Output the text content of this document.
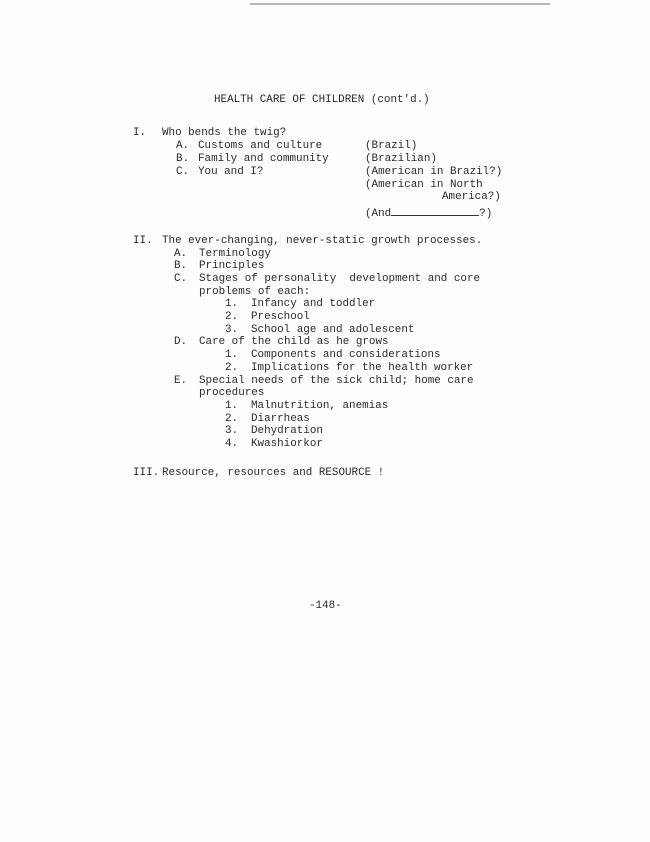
HEALTH CARE OF CHILDREN (cont'd.)
I. Who bends the twig?
A. Customs and culture
B. Family and community
C. You and I?
(Brazil)
(Brazilian)
(American in Brazil?)
(American in North
America?)
(And	?)
II. The ever-changing, never-static growth processes.
A. Terminology
B. Principles
C. Stages of personality  development and core
problems of each:
1. Infancy and toddler
2. Preschool
3. School age and adolescent
D. Care of the child as he grows
1. Components and considerations
2. Implications for the health worker
E. Special needs of the sick child; home care
procedures
1. Malnutrition, anemias
2. Diarrheas
3. Dehydration
4. Kwashiorkor
III. Resource, resources and RESOURCE !
-148-
